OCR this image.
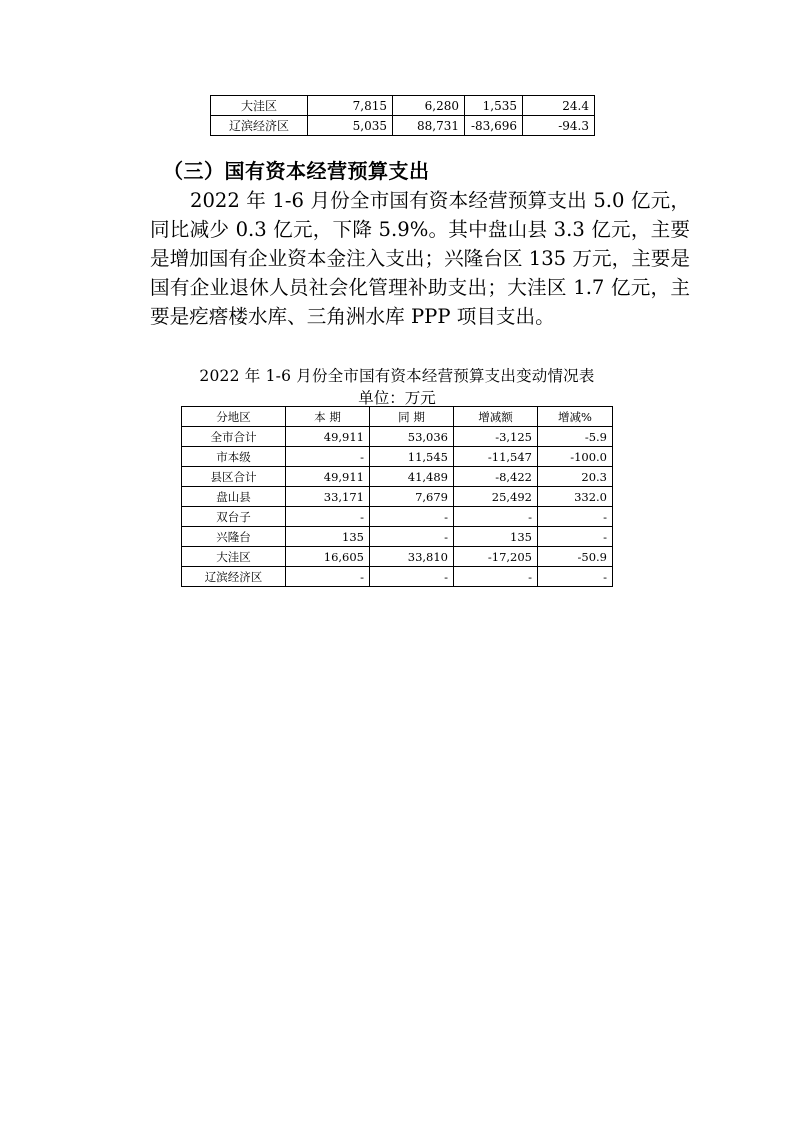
大洼区	7,815	6,280	1,535	24.4
辽滨经济区	5,035	88,731	-83,696	-94.3
（三）国有资本经营预算支出

2022 年 1-6 月份全市国有资本经营预算支出 5.0 亿元，同比减少 0.3 亿元，下降 5.9%。其中盘山县 3.3 亿元，主要是增加国有企业资本金注入支出；兴隆台区 135 万元，主要是国有企业退休人员社会化管理补助支出；大洼区 1.7 亿元，主要是疙瘩楼水库、三角洲水库 PPP 项目支出。

2022 年 1-6 月份全市国有资本经营预算支出变动情况表
单位：万元
分地区	本 期	同 期	增减额	增减%
全市合计	49,911	53,036	-3,125	-5.9
市本级	-	11,545	-11,547	-100.0
县区合计	49,911	41,489	-8,422	20.3
盘山县	33,171	7,679	25,492	332.0
双台子	-	-	-	-
兴隆台	135	-	135	-
大洼区	16,605	33,810	-17,205	-50.9
辽滨经济区	-	-	-	-
